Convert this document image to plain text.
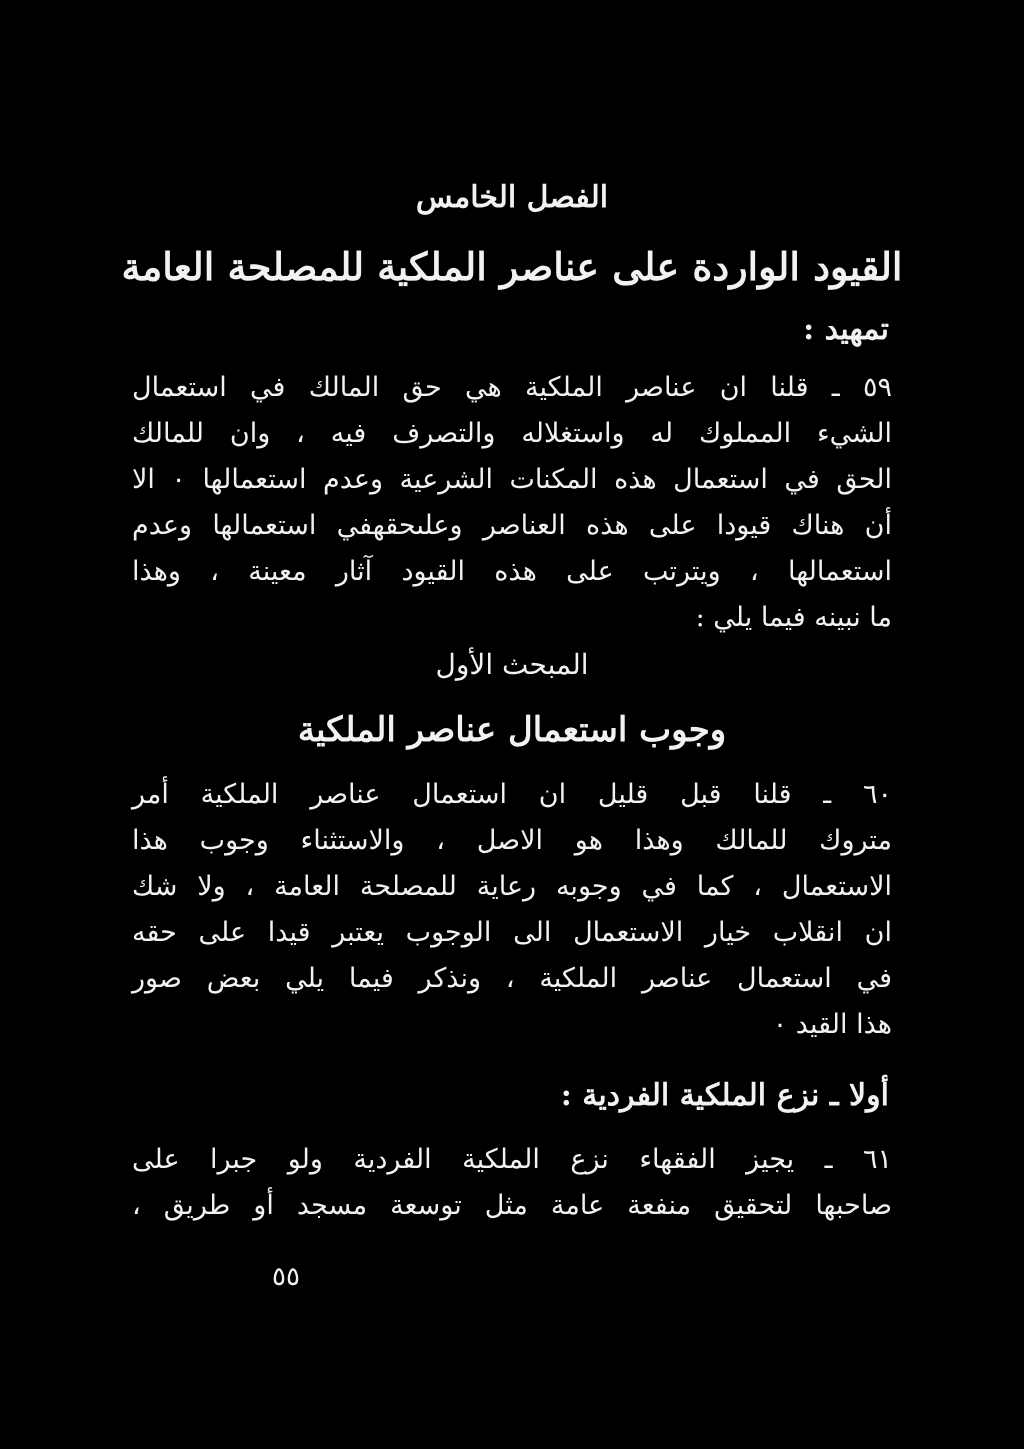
الفصل الخامس
القيود الواردة على عناصر الملكية للمصلحة العامة
تمهيد :
٥٩ ـ قلنا ان عناصر الملكية هي حق المالك في استعمال
الشيء المملوك له واستغلاله والتصرف فيه ، وان للمالك
الحق في استعمال هذه المكنات الشرعية وعدم استعمالها ٠ الا
أن هناك قيودا على هذه العناصر وعلىحقهفي استعمالها وعدم
استعمالها ، ويترتب على هذه القيود آثار معينة ، وهذا
ما نبينه فيما يلي :
المبحث الأول
وجوب استعمال عناصر الملكية
٦٠ ـ قلنا قبل قليل ان استعمال عناصر الملكية أمر
متروك للمالك وهذا هو الاصل ، والاستثناء وجوب هذا
الاستعمال ، كما في وجوبه رعاية للمصلحة العامة ، ولا شك
ان انقلاب خيار الاستعمال الى الوجوب يعتبر قيدا على حقه
في استعمال عناصر الملكية ، ونذكر فيما يلي بعض صور
هذا القيد ٠
أولا ـ نزع الملكية الفردية :
٦١ ـ يجيز الفقهاء نزع الملكية الفردية ولو جبرا على
صاحبها لتحقيق منفعة عامة مثل توسعة مسجد أو طريق ،
٥٥
